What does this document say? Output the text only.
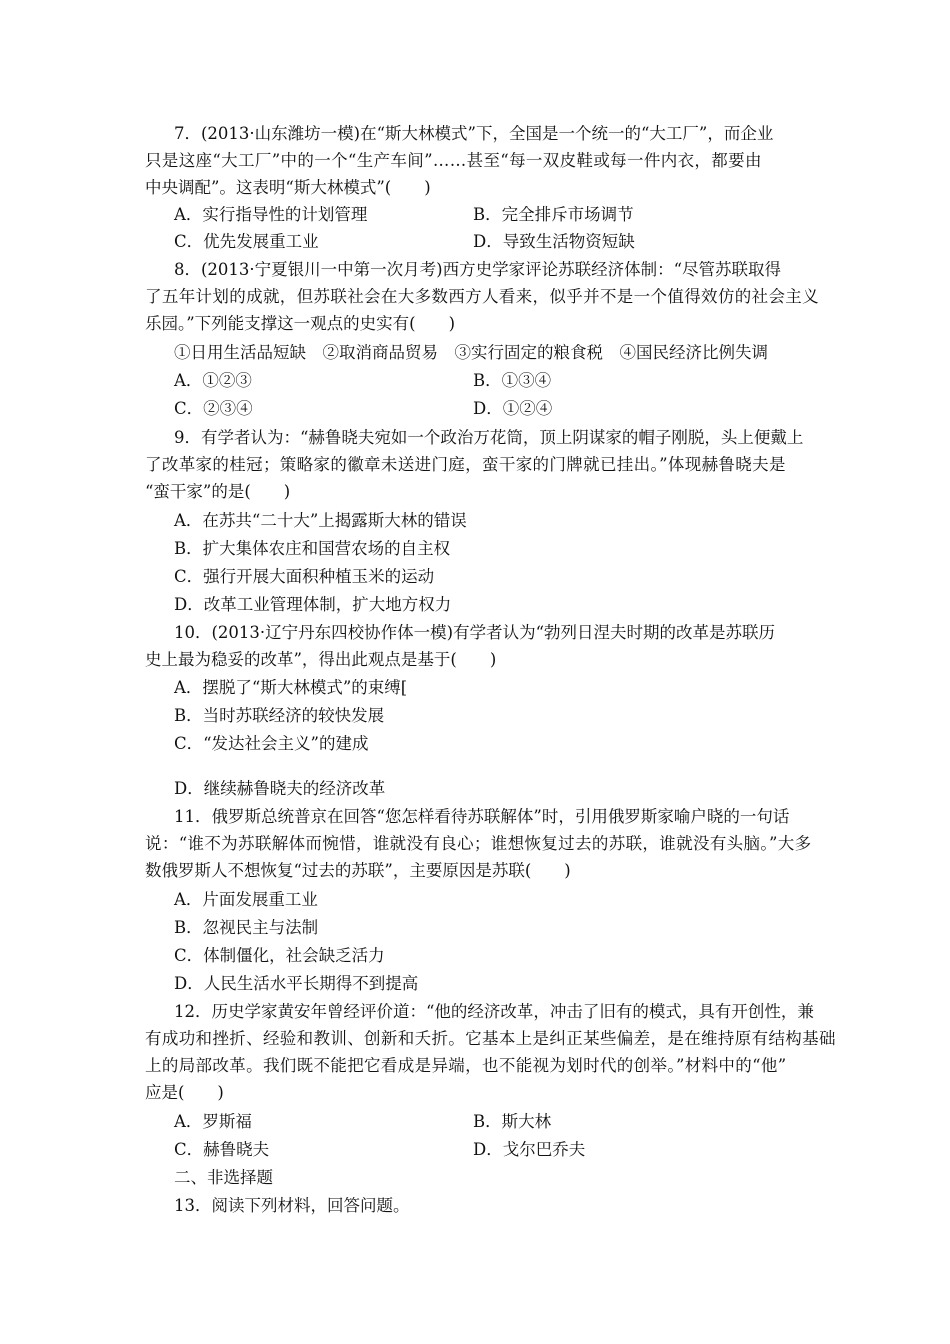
7．(2013·山东潍坊一模)在“斯大林模式”下，全国是一个统一的“大工厂”，而企业
只是这座“大工厂”中的一个“生产车间”……甚至“每一双皮鞋或每一件内衣，都要由
中央调配”。这表明“斯大林模式”(　　)
A．实行指导性的计划管理	B．完全排斥市场调节
C．优先发展重工业	D．导致生活物资短缺
8．(2013·宁夏银川一中第一次月考)西方史学家评论苏联经济体制：“尽管苏联取得
了五年计划的成就，但苏联社会在大多数西方人看来，似乎并不是一个值得效仿的社会主义
乐园。”下列能支撑这一观点的史实有(　　)
①日用生活品短缺　②取消商品贸易　③实行固定的粮食税　④国民经济比例失调
A．①②③	B．①③④
C．②③④	D．①②④
9．有学者认为：“赫鲁晓夫宛如一个政治万花筒，顶上阴谋家的帽子刚脱，头上便戴上
了改革家的桂冠；策略家的徽章未送进门庭，蛮干家的门牌就已挂出。”体现赫鲁晓夫是
“蛮干家”的是(　　)
A．在苏共“二十大”上揭露斯大林的错误
B．扩大集体农庄和国营农场的自主权
C．强行开展大面积种植玉米的运动
D．改革工业管理体制，扩大地方权力
10．(2013·辽宁丹东四校协作体一模)有学者认为“勃列日涅夫时期的改革是苏联历
史上最为稳妥的改革”，得出此观点是基于(　　)
A．摆脱了“斯大林模式”的束缚[
B．当时苏联经济的较快发展
C．“发达社会主义”的建成
D．继续赫鲁晓夫的经济改革
11．俄罗斯总统普京在回答“您怎样看待苏联解体”时，引用俄罗斯家喻户晓的一句话
说：“谁不为苏联解体而惋惜，谁就没有良心；谁想恢复过去的苏联，谁就没有头脑。”大多
数俄罗斯人不想恢复“过去的苏联”，主要原因是苏联(　　)
A．片面发展重工业
B．忽视民主与法制
C．体制僵化，社会缺乏活力
D．人民生活水平长期得不到提高
12．历史学家黄安年曾经评价道：“他的经济改革，冲击了旧有的模式，具有开创性，兼
有成功和挫折、经验和教训、创新和夭折。它基本上是纠正某些偏差，是在维持原有结构基础
上的局部改革。我们既不能把它看成是异端，也不能视为划时代的创举。”材料中的“他”
应是(　　)
A．罗斯福	B．斯大林
C．赫鲁晓夫	D．戈尔巴乔夫
二、非选择题
13．阅读下列材料，回答问题。
